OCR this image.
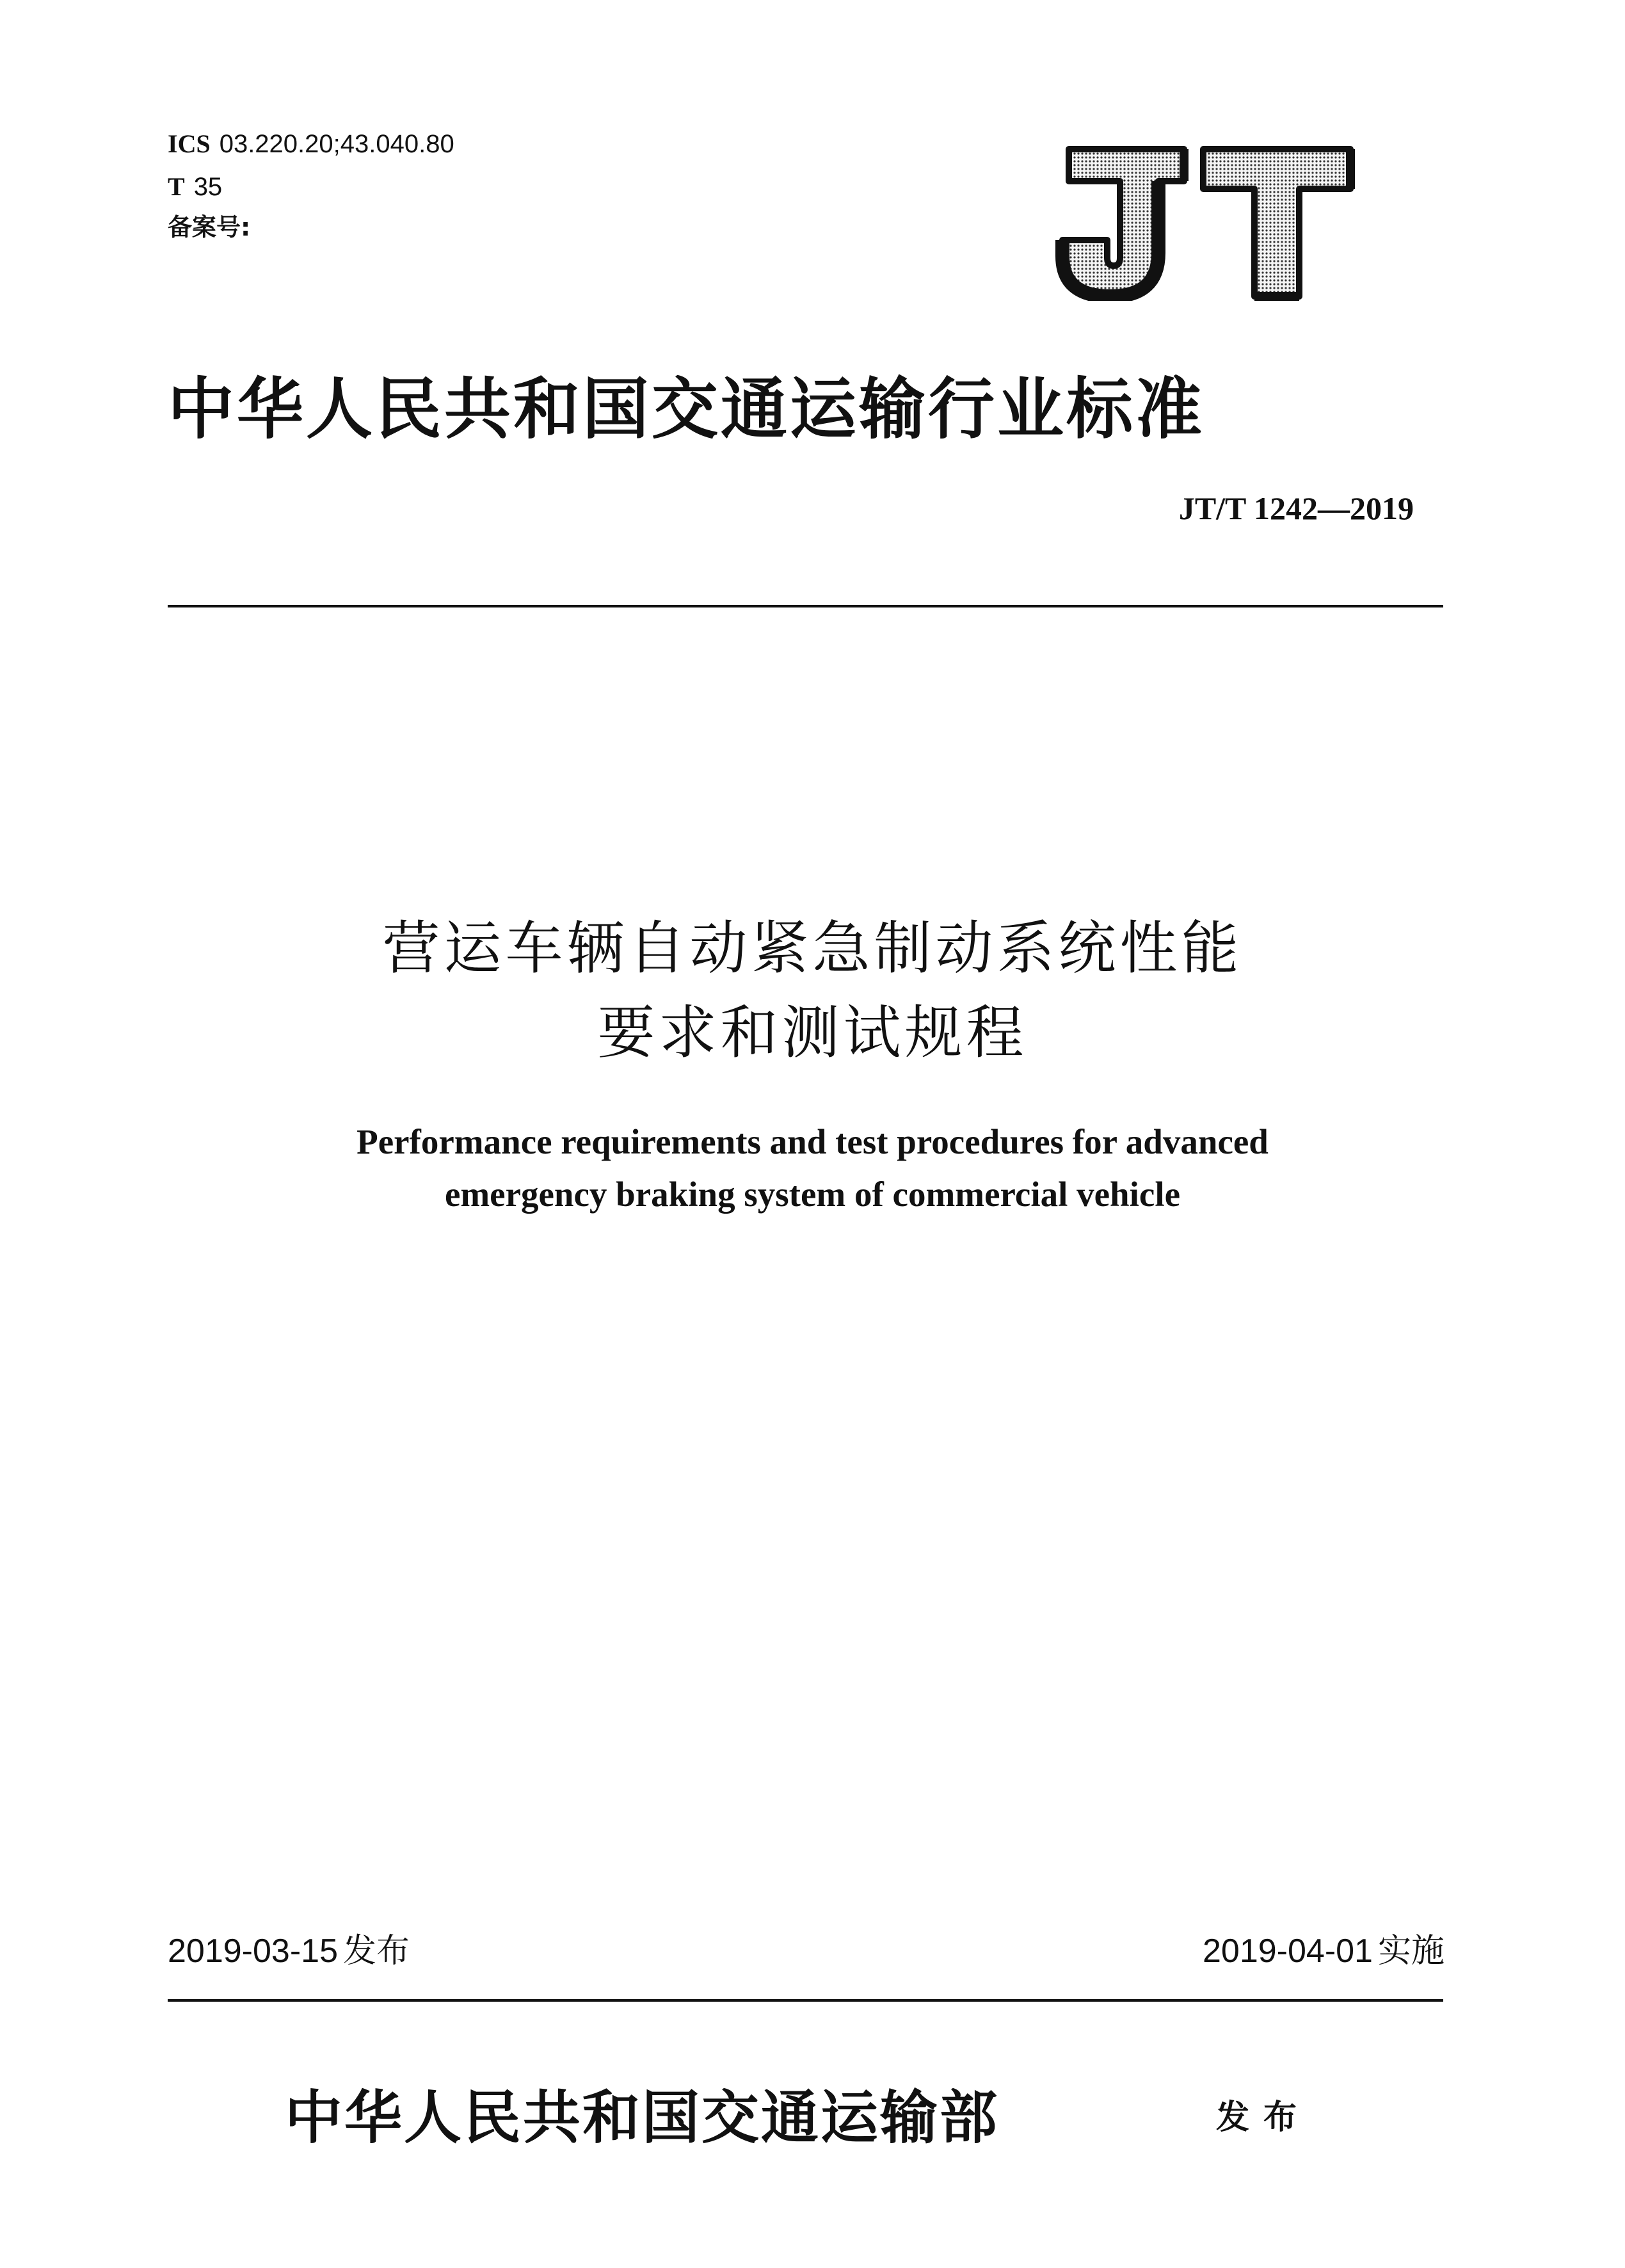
ICS 03.220.20;43.040.80
T 35
备案号:
中华人民共和国交通运输行业标准
JT/T 1242—2019
营运车辆自动紧急制动系统性能
要求和测试规程
Performance requirements and test procedures for advanced
emergency braking system of commercial vehicle
2019-03-15 发布	2019-04-01 实施
中华人民共和国交通运输部	发布
